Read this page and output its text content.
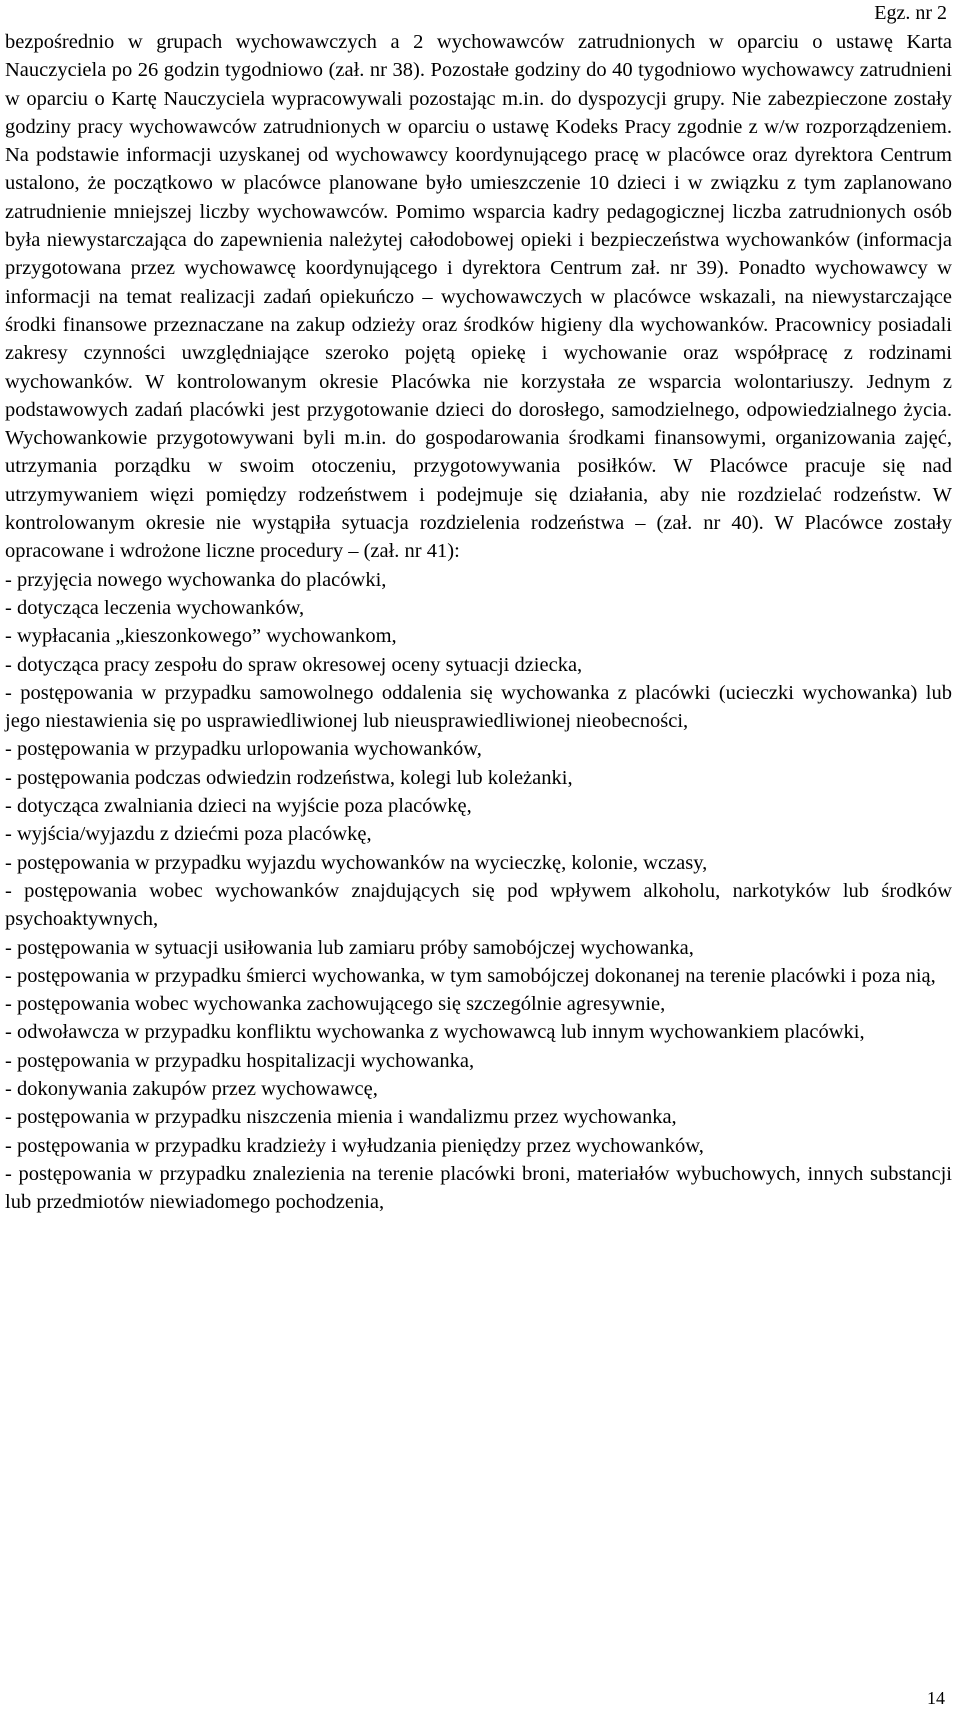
Egz. nr 2

bezpośrednio w grupach wychowawczych a 2 wychowawców zatrudnionych w oparciu o ustawę Karta Nauczyciela po 26 godzin tygodniowo (zał. nr 38). Pozostałe godziny do 40 tygodniowo wychowawcy zatrudnieni w oparciu o Kartę Nauczyciela wypracowywali pozostając m.in. do dyspozycji grupy. Nie zabezpieczone zostały godziny pracy wychowawców zatrudnionych w oparciu o ustawę Kodeks Pracy zgodnie z w/w rozporządzeniem. Na podstawie informacji uzyskanej od wychowawcy koordynującego pracę w placówce oraz dyrektora Centrum ustalono, że początkowo w placówce planowane było umieszczenie 10 dzieci i w związku z tym zaplanowano zatrudnienie mniejszej liczby wychowawców. Pomimo wsparcia kadry pedagogicznej liczba zatrudnionych osób była niewystarczająca do zapewnienia należytej całodobowej opieki i bezpieczeństwa wychowanków (informacja przygotowana przez wychowawcę koordynującego i dyrektora Centrum zał. nr 39). Ponadto wychowawcy w informacji na temat realizacji zadań opiekuńczo – wychowawczych w placówce wskazali, na niewystarczające środki finansowe przeznaczane na zakup odzieży oraz środków higieny dla wychowanków. Pracownicy posiadali zakresy czynności uwzględniające szeroko pojętą opiekę i wychowanie oraz współpracę z rodzinami wychowanków. W kontrolowanym okresie Placówka nie korzystała ze wsparcia wolontariuszy. Jednym z podstawowych zadań placówki jest przygotowanie dzieci do dorosłego, samodzielnego, odpowiedzialnego życia. Wychowankowie przygotowywani byli m.in. do gospodarowania środkami finansowymi, organizowania zajęć, utrzymania porządku w swoim otoczeniu, przygotowywania posiłków. W Placówce pracuje się nad utrzymywaniem więzi pomiędzy rodzeństwem i podejmuje się działania, aby nie rozdzielać rodzeństw. W kontrolowanym okresie nie wystąpiła sytuacja rozdzielenia rodzeństwa – (zał. nr 40). W Placówce zostały opracowane i wdrożone liczne procedury – (zał. nr 41):

- przyjęcia nowego wychowanka do placówki,

- dotycząca leczenia wychowanków,

- wypłacania „kieszonkowego” wychowankom,

- dotycząca pracy zespołu do spraw okresowej oceny sytuacji dziecka,

- postępowania w przypadku samowolnego oddalenia się wychowanka z placówki (ucieczki wychowanka) lub jego niestawienia się po usprawiedliwionej lub nieusprawiedliwionej nieobecności,

- postępowania w przypadku urlopowania wychowanków,

- postępowania podczas odwiedzin rodzeństwa, kolegi lub koleżanki,

- dotycząca zwalniania dzieci na wyjście poza placówkę,

- wyjścia/wyjazdu z dziećmi poza placówkę,

- postępowania w przypadku wyjazdu wychowanków na wycieczkę, kolonie, wczasy,

- postępowania wobec wychowanków znajdujących się pod wpływem alkoholu, narkotyków lub środków psychoaktywnych,

- postępowania w sytuacji usiłowania lub zamiaru próby samobójczej wychowanka,

- postępowania w przypadku śmierci wychowanka, w tym samobójczej dokonanej na terenie placówki i poza nią,

- postępowania wobec wychowanka zachowującego się szczególnie agresywnie,

- odwoławcza w przypadku konfliktu wychowanka z wychowawcą lub innym wychowankiem placówki,

- postępowania w przypadku hospitalizacji wychowanka,

- dokonywania zakupów przez wychowawcę,

- postępowania w przypadku niszczenia mienia i wandalizmu przez wychowanka,

- postępowania w przypadku kradzieży i wyłudzania pieniędzy przez wychowanków,

- postępowania w przypadku znalezienia na terenie placówki broni, materiałów wybuchowych, innych substancji lub przedmiotów niewiadomego pochodzenia,

14
